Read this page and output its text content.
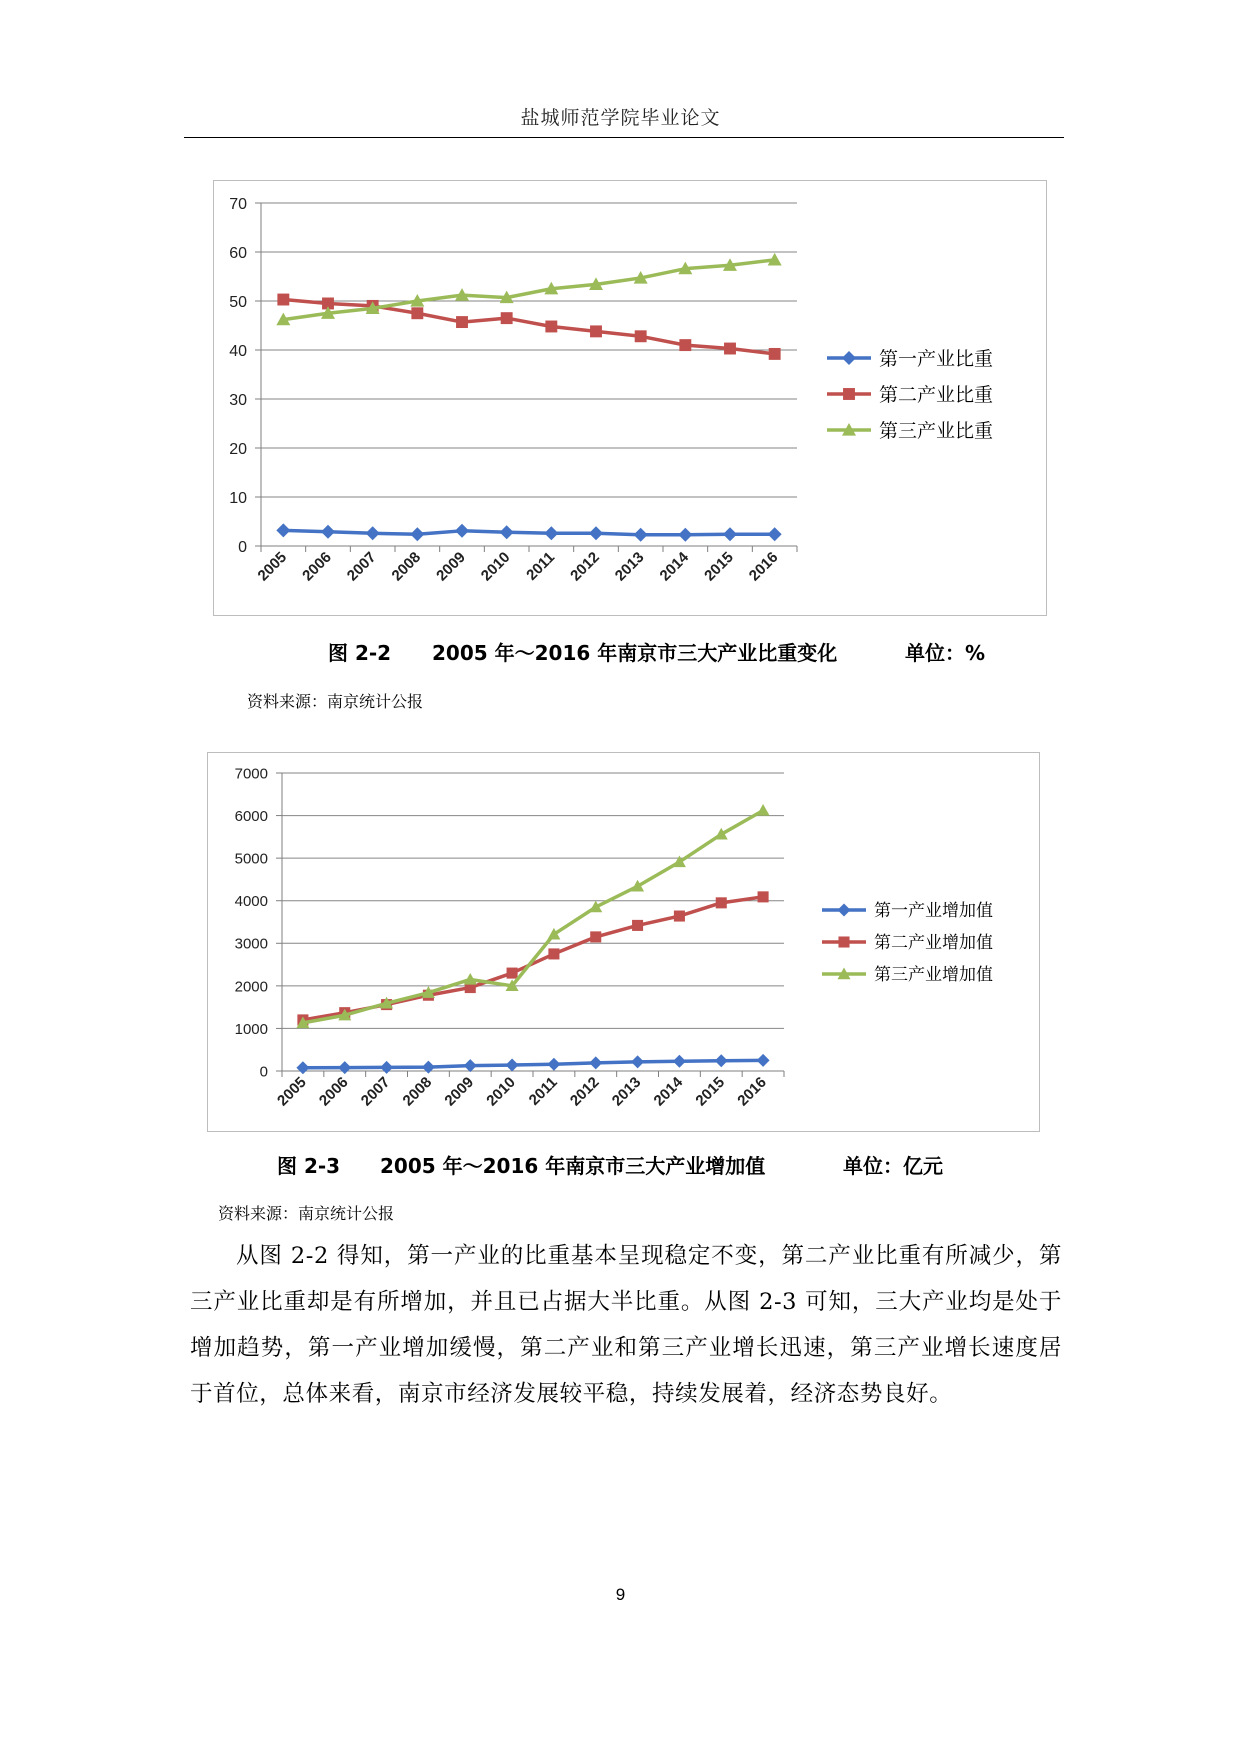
盐城师范学院毕业论文
0
10
20
30
40
50
60
70
2005 2006 2007 2008 2009 2010 2011 2012 2013 2014 2015 2016
第一产业比重
第二产业比重
第三产业比重
图 2-2 2005 年～2016 年南京市三大产业比重变化	单位：%
资料来源：南京统计公报
0
1000
2000
3000
4000
5000
6000
7000
2005 2006 2007 2008 2009 2010 2011 2012 2013 2014 2015 2016
第一产业增加值
第二产业增加值
第三产业增加值
图 2-3 2005 年～2016 年南京市三大产业增加值	单位：亿元
资料来源：南京统计公报
从图 2-2 得知，第一产业的比重基本呈现稳定不变，第二产业比重有所减少，第三产业比重却是有所增加，并且已占据大半比重。从图 2-3 可知，三大产业均是处于增加趋势，第一产业增加缓慢，第二产业和第三产业增长迅速，第三产业增长速度居于首位，总体来看，南京市经济发展较平稳，持续发展着，经济态势良好。
9
